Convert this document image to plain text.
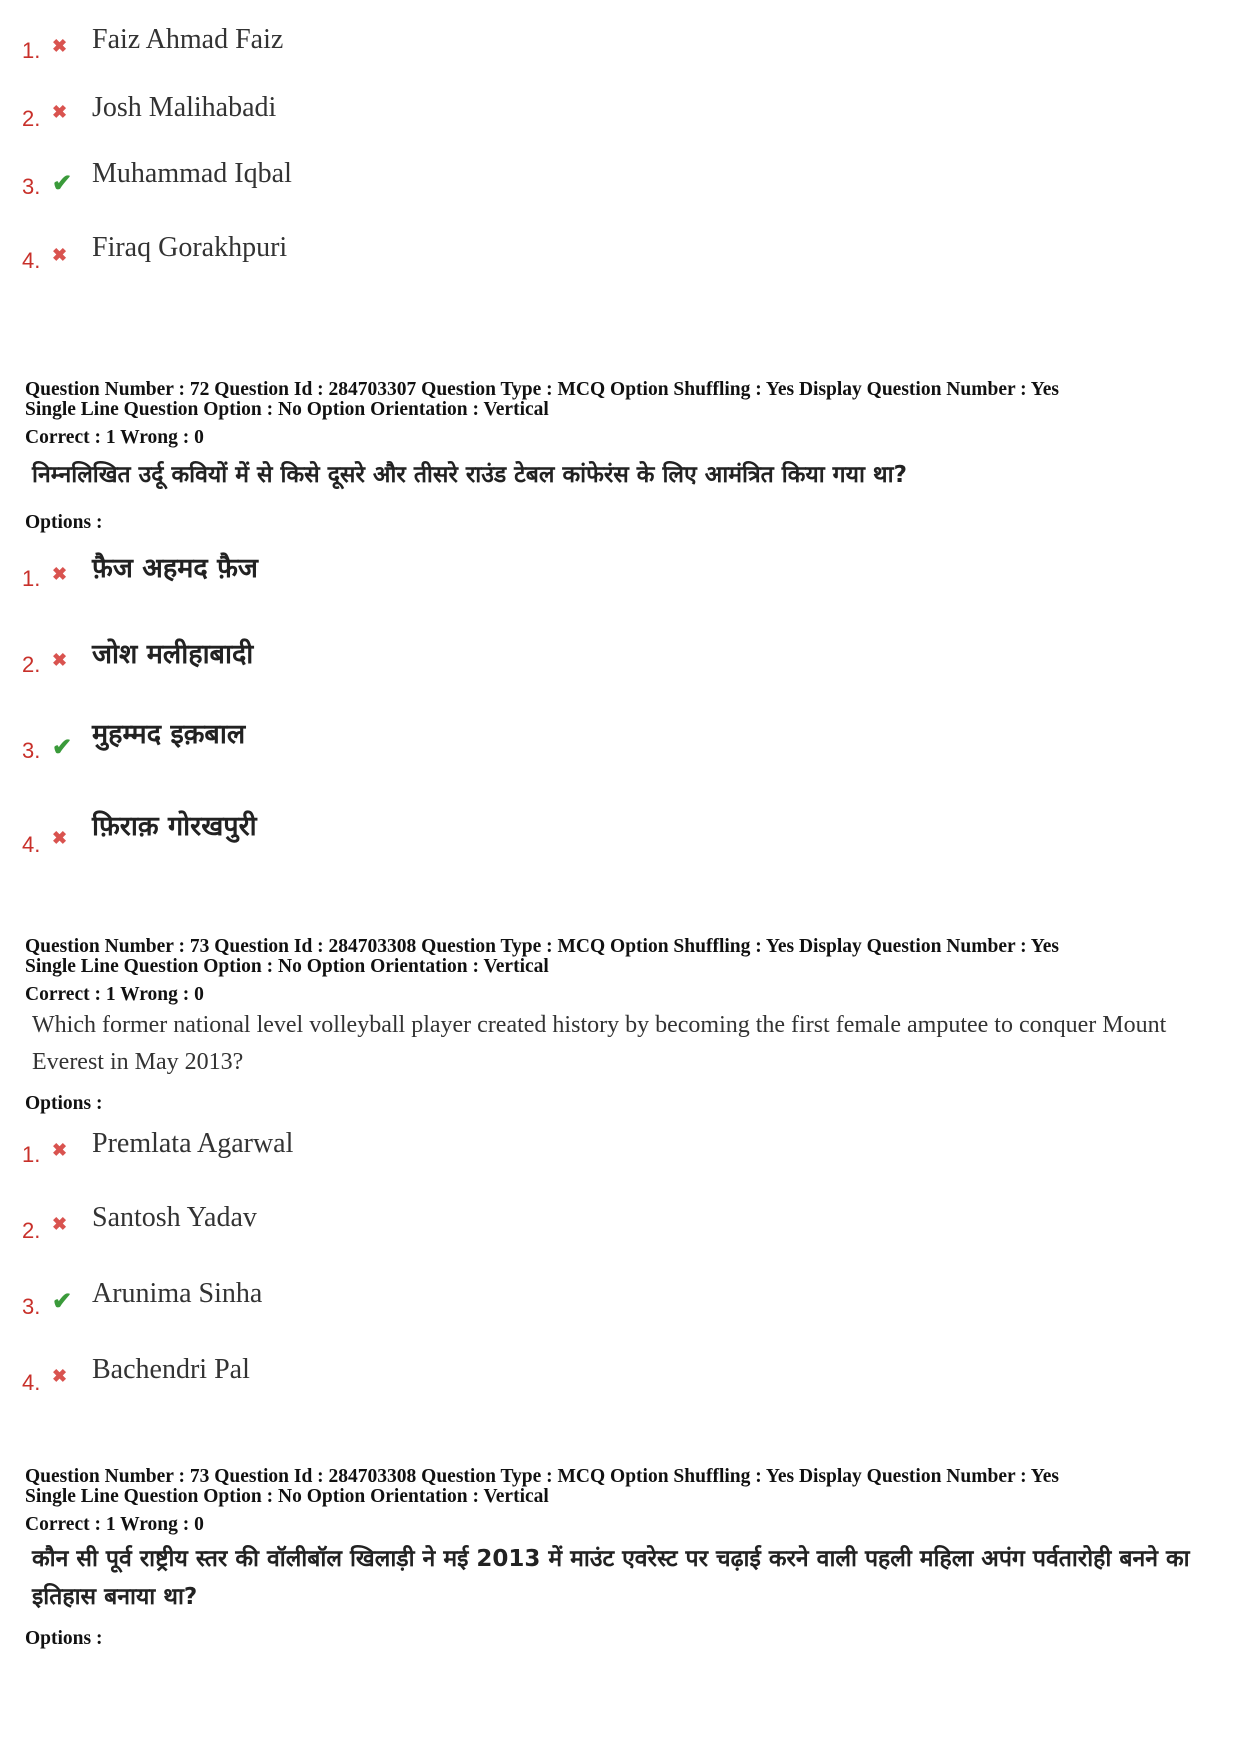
1. ✖ Faiz Ahmad Faiz
2. ✖ Josh Malihabadi
3. ✔ Muhammad Iqbal
4. ✖ Firaq Gorakhpuri
Question Number : 72 Question Id : 284703307 Question Type : MCQ Option Shuffling : Yes Display Question Number : Yes
Single Line Question Option : No Option Orientation : Vertical
Correct : 1 Wrong : 0
निम्नलिखित उर्दू कवियों में से किसे दूसरे और तीसरे राउंड टेबल कांफेरंस के लिए आमंत्रित किया गया था?
Options :
1. ✖ फ़ैज अहमद फ़ैज
2. ✖ जोश मलीहाबादी
3. ✔ मुहम्मद इक़बाल
4. ✖ फ़िराक़ गोरखपुरी
Question Number : 73 Question Id : 284703308 Question Type : MCQ Option Shuffling : Yes Display Question Number : Yes
Single Line Question Option : No Option Orientation : Vertical
Correct : 1 Wrong : 0
Which former national level volleyball player created history by becoming the first female amputee to conquer Mount Everest in May 2013?
Options :
1. ✖ Premlata Agarwal
2. ✖ Santosh Yadav
3. ✔ Arunima Sinha
4. ✖ Bachendri Pal
Question Number : 73 Question Id : 284703308 Question Type : MCQ Option Shuffling : Yes Display Question Number : Yes
Single Line Question Option : No Option Orientation : Vertical
Correct : 1 Wrong : 0
कौन सी पूर्व राष्ट्रीय स्तर की वॉलीबॉल खिलाड़ी ने मई 2013 में माउंट एवरेस्ट पर चढ़ाई करने वाली पहली महिला अपंग पर्वतारोही बनने का इतिहास बनाया था?
Options :
